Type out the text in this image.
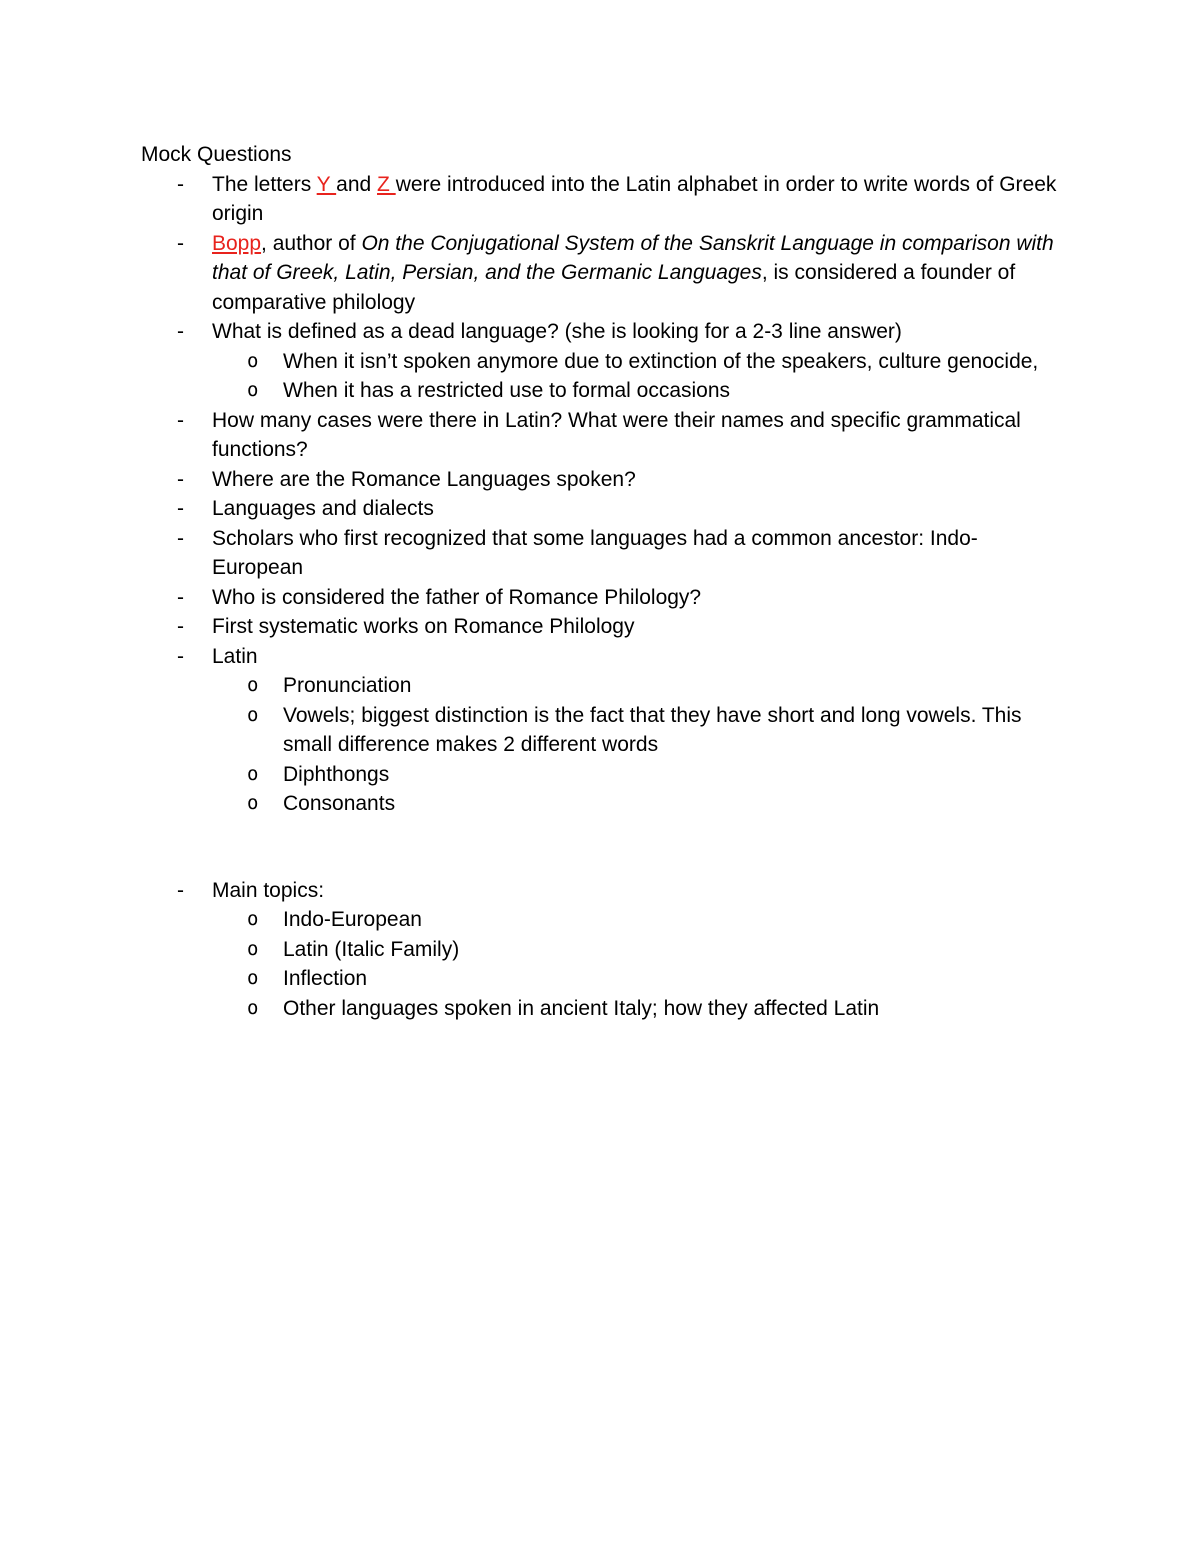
Mock Questions
- The letters Y and Z were introduced into the Latin alphabet in order to write words of Greek origin
- Bopp, author of On the Conjugational System of the Sanskrit Language in comparison with that of Greek, Latin, Persian, and the Germanic Languages, is considered a founder of comparative philology
- What is defined as a dead language? (she is looking for a 2-3 line answer)
o When it isn’t spoken anymore due to extinction of the speakers, culture genocide,
o When it has a restricted use to formal occasions
- How many cases were there in Latin? What were their names and specific grammatical functions?
- Where are the Romance Languages spoken?
- Languages and dialects
- Scholars who first recognized that some languages had a common ancestor: Indo-European
- Who is considered the father of Romance Philology?
- First systematic works on Romance Philology
- Latin
o Pronunciation
o Vowels; biggest distinction is the fact that they have short and long vowels. This small difference makes 2 different words
o Diphthongs
o Consonants
- Main topics:
o Indo-European
o Latin (Italic Family)
o Inflection
o Other languages spoken in ancient Italy; how they affected Latin
